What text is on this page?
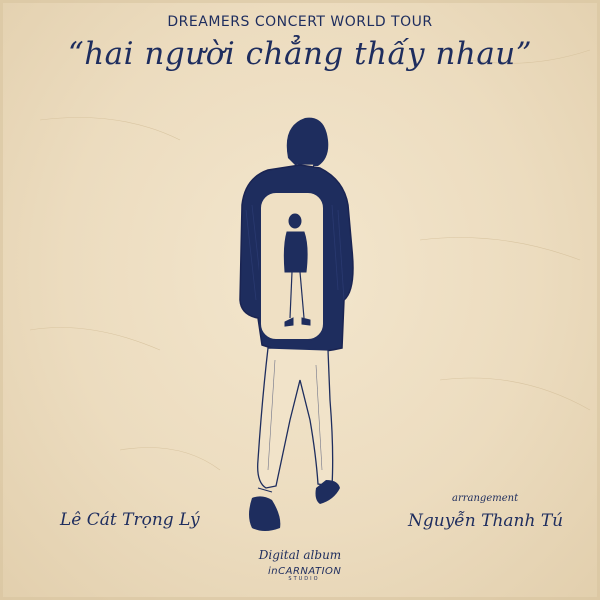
DREAMERS CONCERT WORLD TOUR
“hai người chẳng thấy nhau”
Lê Cát Trọng Lý
arrangement
Nguyễn Thanh Tú
Digital album
inCARNATION
STUDIO
